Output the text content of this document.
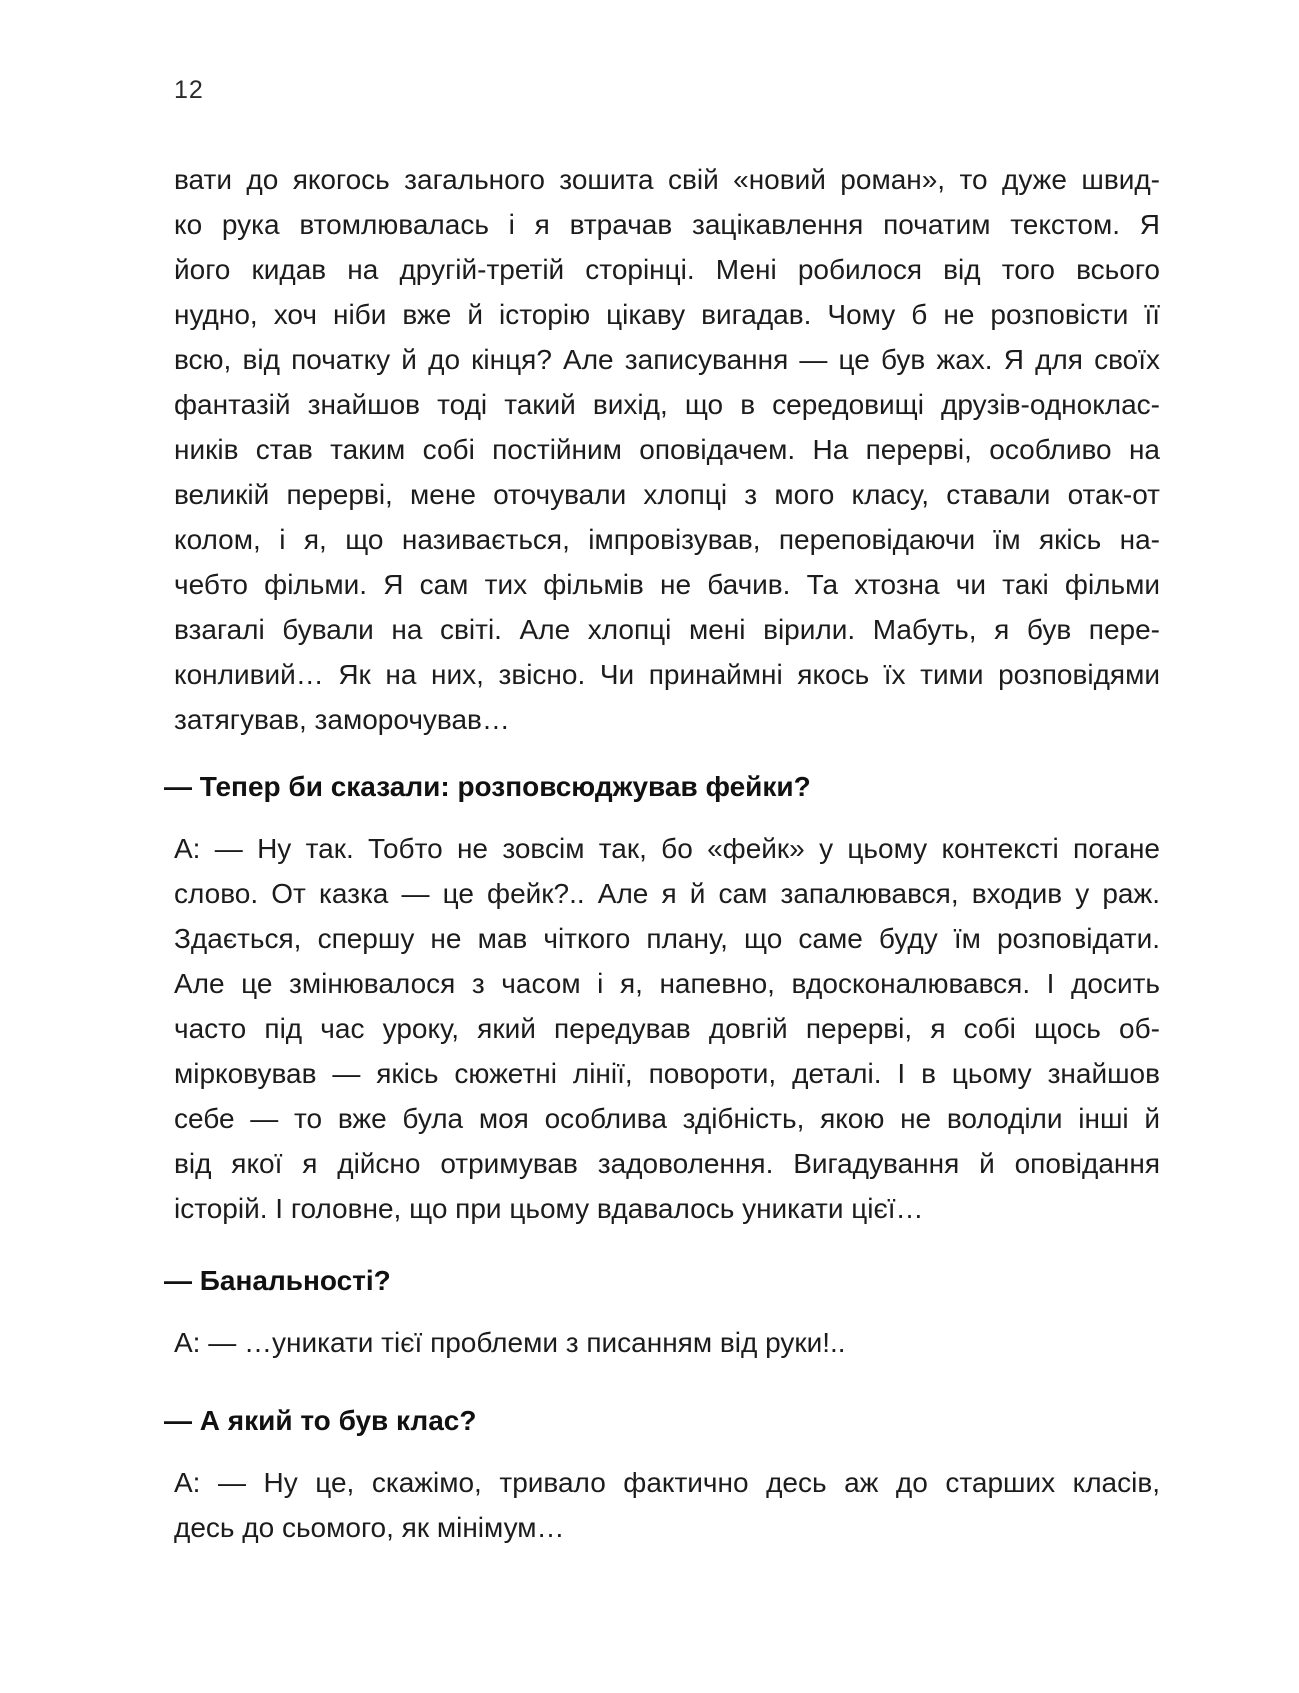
12
вати до якогось загального зошита свій «новий роман», то дуже швид-
ко рука втомлювалась і я втрачав зацікавлення початим текстом. Я
його кидав на другій-третій сторінці. Мені робилося від того всього
нудно, хоч ніби вже й історію цікаву вигадав. Чому б не розповісти її
всю, від початку й до кінця? Але записування — це був жах. Я для своїх
фантазій знайшов тоді такий вихід, що в середовищі друзів-одноклас-
ників став таким собі постійним оповідачем. На перерві, особливо на
великій перерві, мене оточували хлопці з мого класу, ставали отак-от
колом, і я, що називається, імпровізував, переповідаючи їм якісь на-
чебто фільми. Я сам тих фільмів не бачив. Та хтозна чи такі фільми
взагалі бували на світі. Але хлопці мені вірили. Мабуть, я був пере-
конливий… Як на них, звісно. Чи принаймні якось їх тими розповідями
затягував, заморочував…
— Тепер би сказали: розповсюджував фейки?
А: — Ну так. Тобто не зовсім так, бо «фейк» у цьому контексті погане
слово. От казка — це фейк?.. Але я й сам запалювався, входив у раж.
Здається, спершу не мав чіткого плану, що саме буду їм розповідати.
Але це змінювалося з часом і я, напевно, вдосконалювався. І досить
часто під час уроку, який передував довгій перерві, я собі щось об-
мірковував — якісь сюжетні лінії, повороти, деталі. І в цьому знайшов
себе — то вже була моя особлива здібність, якою не володіли інші й
від якої я дійсно отримував задоволення. Вигадування й оповідання
історій. І головне, що при цьому вдавалось уникати цієї…
— Банальності?
А: — …уникати тієї проблеми з писанням від руки!..
— А який то був клас?
А: — Ну це, скажімо, тривало фактично десь аж до старших класів,
десь до сьомого, як мінімум…
